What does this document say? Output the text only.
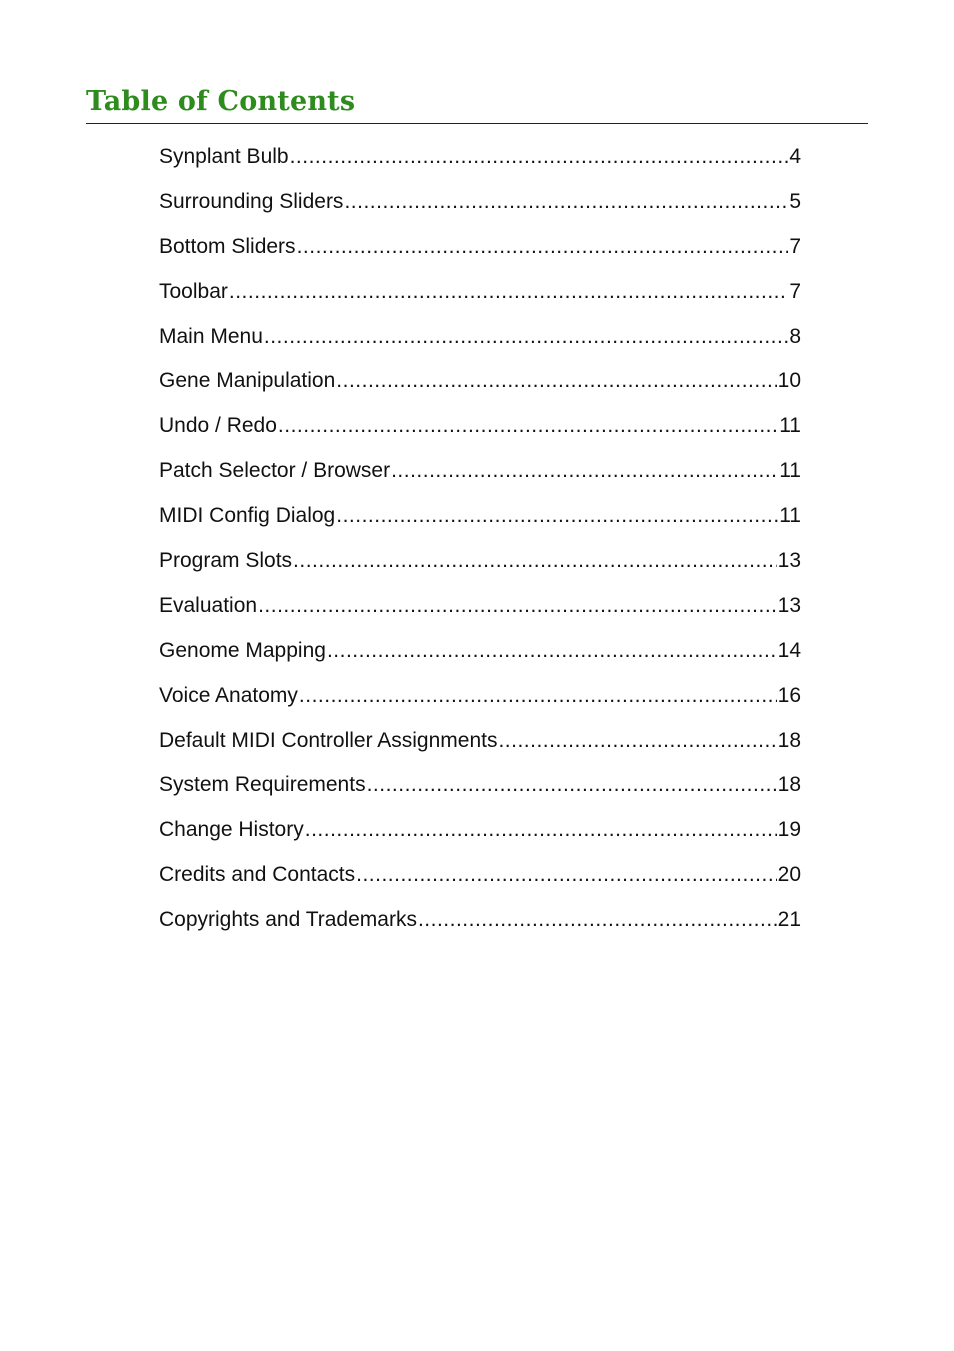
Table of Contents
Synplant Bulb .....	4
Surrounding Sliders .....	5
Bottom Sliders .....	7
Toolbar .....	7
Main Menu .....	8
Gene Manipulation .....	10
Undo / Redo .....	11
Patch Selector / Browser .....	11
MIDI Config Dialog .....	11
Program Slots .....	13
Evaluation .....	13
Genome Mapping .....	14
Voice Anatomy .....	16
Default MIDI Controller Assignments .....	18
System Requirements .....	18
Change History .....	19
Credits and Contacts .....	20
Copyrights and Trademarks .....	21
